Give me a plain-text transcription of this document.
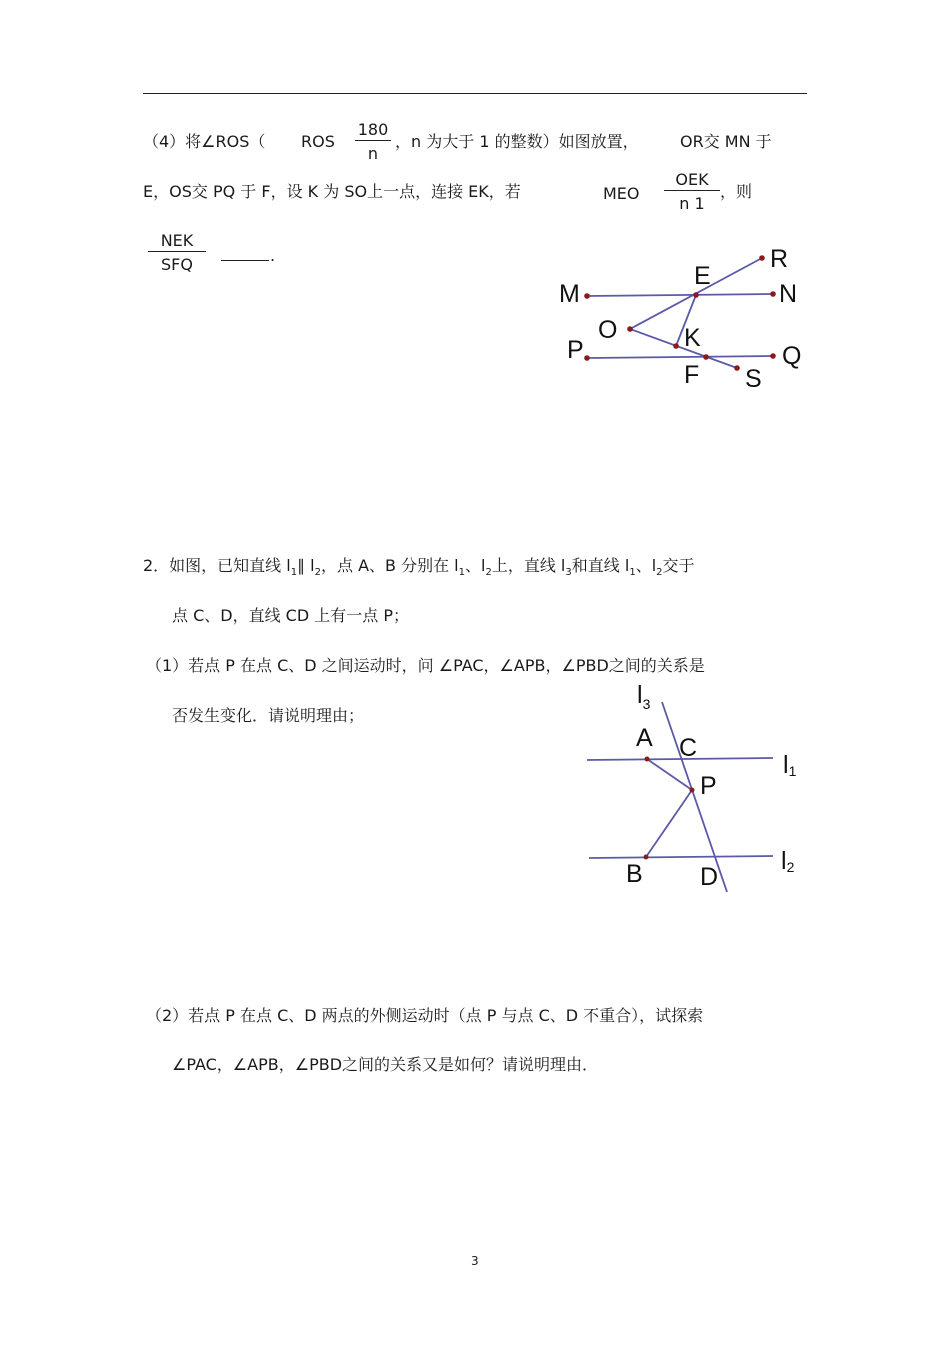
（4）将∠ROS（ ROS $\frac{180}{n}$ ，n 为大于 1 的整数）如图放置，	OR交 MN 于
E，OS交 PQ 于 F，设 K 为 SO上一点，连接 EK，若	MEO
OEK
n 1
，则
NEK
SFQ	.	R
E
M	N
O	K
P	Q
F S
2．如图，已知直线 $l_1\parallel$ $l_2$，点 A、B 分别在 $l_1$、$l_2$上，直线 $l_3$和直线 $l_1$、$l_2$交于
点 C、D，直线 CD 上有一点 P；
（1）若点 P 在点 C、D 之间运动时，问 ∠PAC，∠APB，∠PBD之间的关系是
否发生变化．请说明理由；
$l_3$
A C
l1
P
B D
l2
（2）若点 P 在点 C、D 两点的外侧运动时（点 P 与点 C、D 不重合），试探索
∠PAC，∠APB，∠PBD之间的关系又是如何？请说明理由．
3
